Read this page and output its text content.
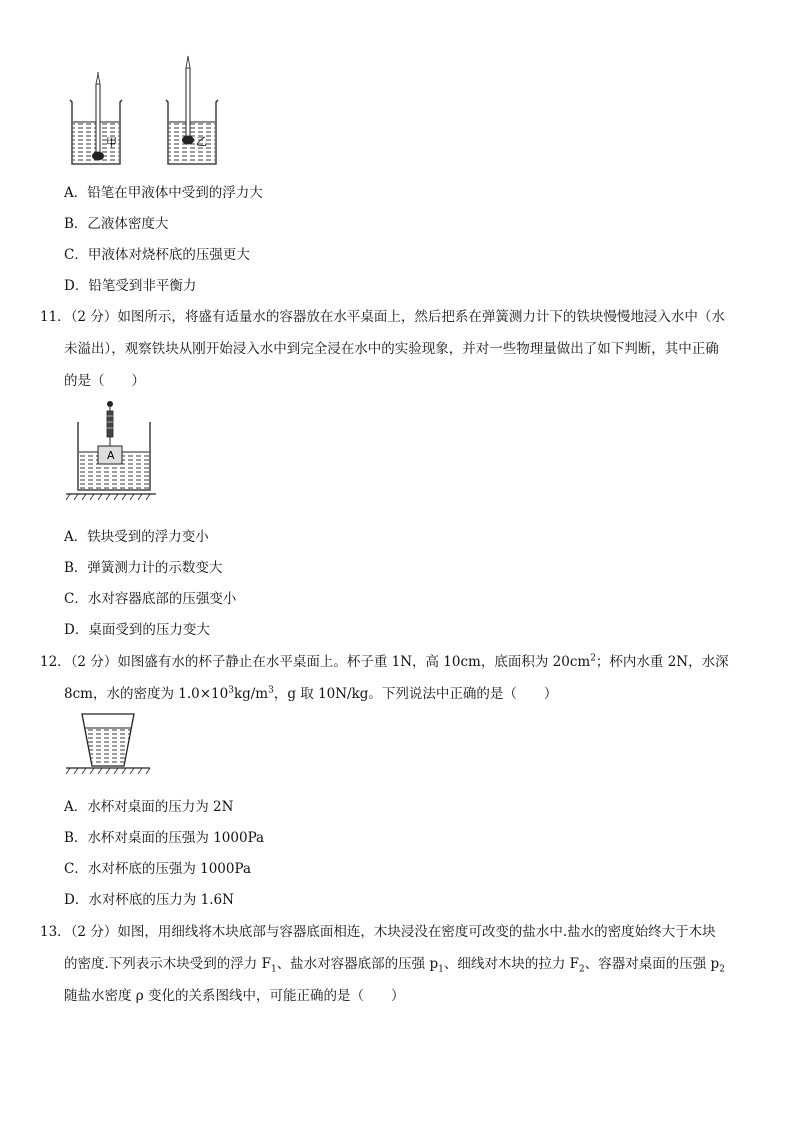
甲	乙
A．铅笔在甲液体中受到的浮力大
B．乙液体密度大
C．甲液体对烧杯底的压强更大
D．铅笔受到非平衡力
11．（2 分）如图所示，将盛有适量水的容器放在水平桌面上，然后把系在弹簧测力计下的铁块慢慢地浸入水中（水
未溢出），观察铁块从刚开始浸入水中到完全浸在水中的实验现象，并对一些物理量做出了如下判断，其中正确
的是（　　）
A
A．铁块受到的浮力变小
B．弹簧测力计的示数变大
C．水对容器底部的压强变小
D．桌面受到的压力变大
12．（2 分）如图盛有水的杯子静止在水平桌面上。杯子重 1N，高 10cm，底面积为 $20cm^2$；杯内水重 2N，水深
8cm，水的密度为 $1.0\times 10^3kg/m^3$，g 取 10N/kg。下列说法中正确的是（　　）
A．水杯对桌面的压力为 2N
B．水杯对桌面的压强为 1000Pa
C．水对杯底的压强为 1000Pa
D．水对杯底的压力为 1.6N
13．（2 分）如图，用细线将木块底部与容器底面相连，木块浸没在密度可改变的盐水中.盐水的密度始终大于木块
的密度.下列表示木块受到的浮力 $F_1$、盐水对容器底部的压强 $p_1$、细线对木块的拉力 $F_2$、容器对桌面的压强 $p_2$
随盐水密度 ρ 变化的关系图线中，可能正确的是（　　）
